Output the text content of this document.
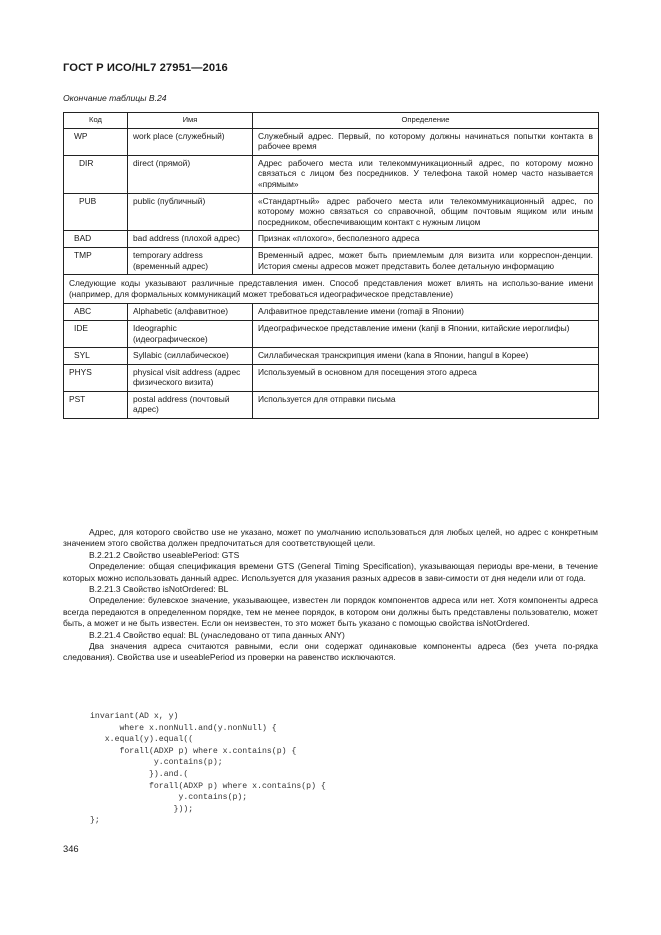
ГОСТ Р ИСО/HL7 27951—2016
Окончание таблицы B.24
Код	Имя	Определение
WP	work place (служебный)	Служебный адрес. Первый, по которому должны начинаться попытки контакта в рабочее время
DIR	direct (прямой)	Адрес рабочего места или телекоммуникационный адрес, по которому можно связаться с лицом без посредников. У телефона такой номер часто называется «прямым»
PUB	public (публичный)	«Стандартный» адрес рабочего места или телекоммуникационный адрес, по которому можно связаться со справочной, общим почтовым ящиком или иным посредником, обеспечивающим контакт с нужным лицом
BAD	bad address (плохой адрес)	Признак «плохого», бесполезного адреса
TMP	temporary address (временный адрес)	Временный адрес, может быть приемлемым для визита или корреспон-денции. История смены адресов может представить более детальную информацию
Следующие коды указывают различные представления имен. Способ представления может влиять на использо-вание имени (например, для формальных коммуникаций может требоваться идеографическое представление)		
ABC	Alphabetic (алфавитное)	Алфавитное представление имени (romaji в Японии)
IDE	Ideographic (идеографическое)	Идеографическое представление имени (kanji в Японии, китайские иероглифы)
SYL	Syllabic (силлабическое)	Силлабическая транскрипция имени (kana в Японии, hangul в Корее)
PHYS	physical visit address (адрес физического визита)	Используемый в основном для посещения этого адреса
PST	postal address (почтовый адрес)	Используется для отправки письма

Адрес, для которого свойство use не указано, может по умолчанию использоваться для любых целей, но адрес с конкретным значением этого свойства должен предпочитаться для соответствующей цели.

B.2.21.2 Свойство useablePeriod: GTS

Определение: общая спецификация времени GTS (General Timing Specification), указывающая периоды вре-мени, в течение которых можно использовать данный адрес. Используется для указания разных адресов в зави-симости от дня недели или от года.

B.2.21.3 Свойство isNotOrdered: BL

Определение: булевское значение, указывающее, известен ли порядок компонентов адреса или нет. Хотя компоненты адреса всегда передаются в определенном порядке, тем не менее порядок, в котором они должны быть представлены пользователю, может быть, а может и не быть известен. Если он неизвестен, то это может быть указано с помощью свойства isNotOrdered.

B.2.21.4 Свойство equal: BL (унаследовано от типа данных ANY)

Два значения адреса считаются равными, если они содержат одинаковые компоненты адреса (без учета по-рядка следования). Свойства use и useablePeriod из проверки на равенство исключаются.

invariant(AD x, y)
where x.nonNull.and(y.nonNull) {
x.equal(y).equal((
forall(ADXP p) where x.contains(p) {
y.contains(p);
}).and.(
forall(ADXP p) where x.contains(p) {
y.contains(p);
}));
};
346
